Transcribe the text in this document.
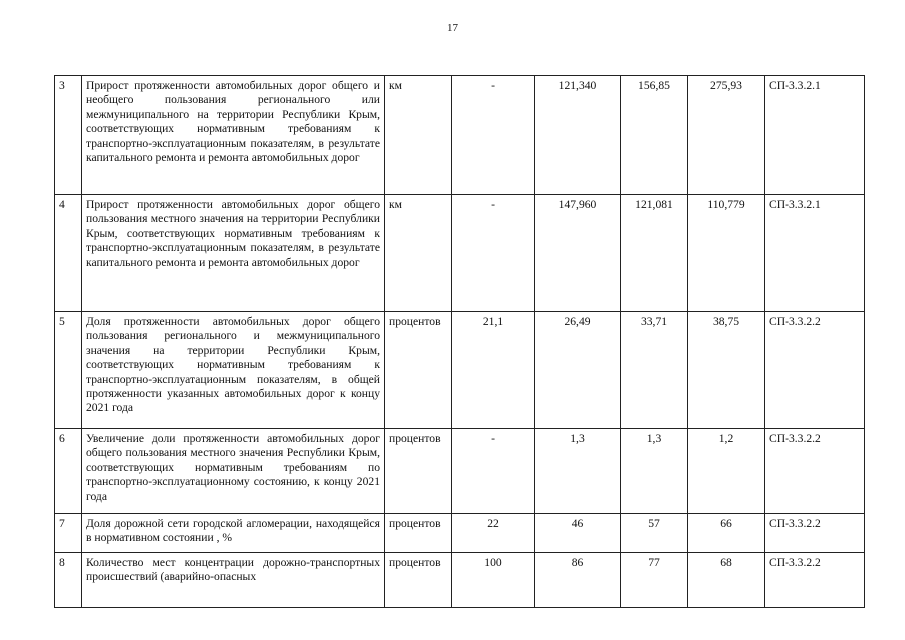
17
3	Прирост протяженности автомобильных дорог общего и необщего пользования регионального или межмуниципального на территории Республики Крым, соответствующих нормативным требованиям к транспортно-эксплуатационным показателям, в результате капитального ремонта и ремонта автомобильных дорог	км	-	121,340	156,85	275,93	СП-3.3.2.1
4	Прирост протяженности автомобильных дорог общего пользования местного значения на территории Республики Крым, соответствующих нормативным требованиям к транспортно-эксплуатационным показателям, в результате капитального ремонта и ремонта автомобильных дорог	км	-	147,960	121,081	110,779	СП-3.3.2.1
5	Доля протяженности автомобильных дорог общего пользования регионального и межмуниципального значения на территории Республики Крым, соответствующих нормативным требованиям к транспортно-эксплуатационным показателям, в общей протяженности указанных автомобильных дорог к концу 2021 года	процентов	21,1	26,49	33,71	38,75	СП-3.3.2.2
6	Увеличение доли протяженности автомобильных дорог общего пользования местного значения Республики Крым, соответствующих нормативным требованиям по транспортно-эксплуатационному состоянию, к концу 2021 года	процентов	-	1,3	1,3	1,2	СП-3.3.2.2
7	Доля дорожной сети городской агломерации, находящейся в нормативном состоянии , %	процентов	22	46	57	66	СП-3.3.2.2
8	Количество мест концентрации дорожно-транспортных происшествий (аварийно-опасных	процентов	100	86	77	68	СП-3.3.2.2
